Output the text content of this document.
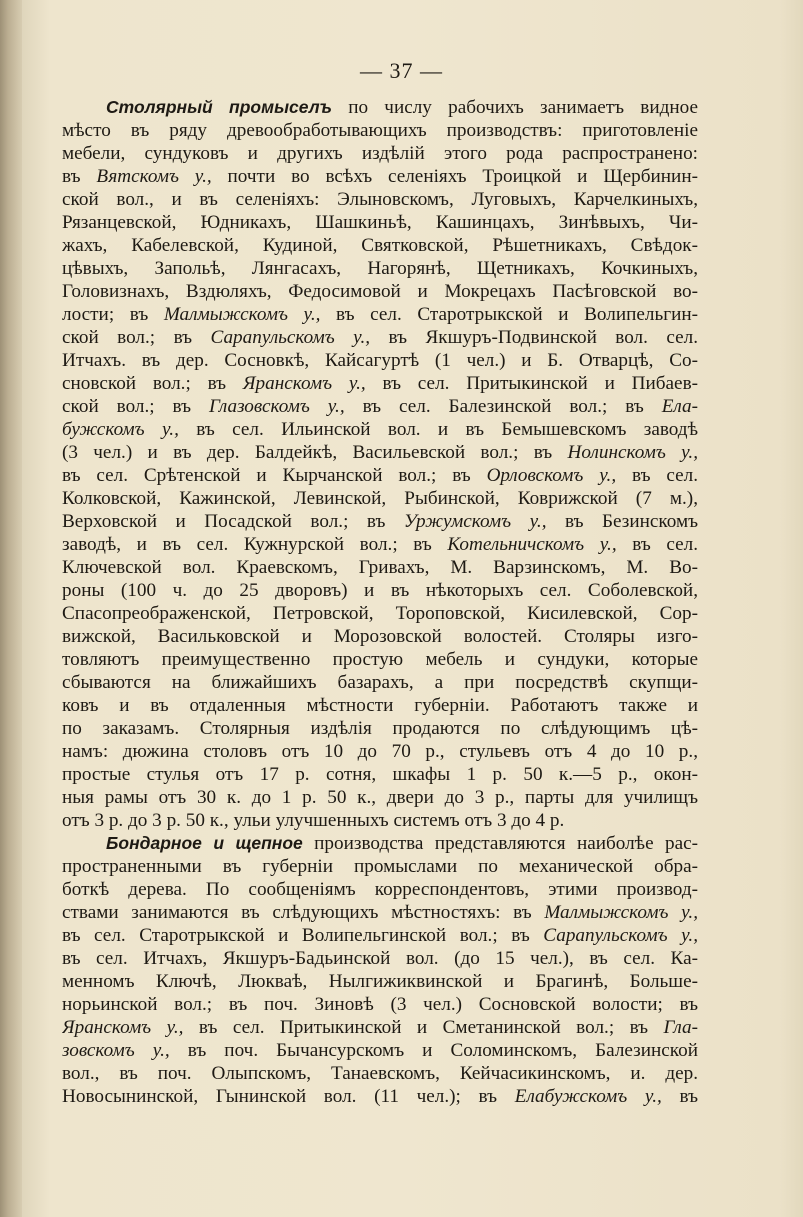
— 37 —
Столярный промыселъ по числу рабочихъ занимаетъ видное
мѣсто въ ряду древообработывающихъ производствъ: приготовленіе
мебели, сундуковъ и другихъ издѣлій этого рода распространено:
въ Вятскомъ у., почти во всѣхъ селеніяхъ Троицкой и Щербинин-
ской вол., и въ селеніяхъ: Элыновскомъ, Луговыхъ, Карчелкиныхъ,
Рязанцевской, Юдникахъ, Шашкиньѣ, Кашинцахъ, Зинѣвыхъ, Чи-
жахъ, Кабелевской, Кудиной, Святковской, Рѣшетникахъ, Свѣдок-
цѣвыхъ, Запольѣ, Лянгасахъ, Нагорянѣ, Щетникахъ, Кочкиныхъ,
Головизнахъ, Вздюляхъ, Федосимовой и Мокрецахъ Пасѣговской во-
лости; въ Малмыжскомъ у., въ сел. Старотрыкской и Волипельгин-
ской вол.; въ Сарапульскомъ у., въ Якшуръ-Подвинской вол. сел.
Итчахъ. въ дер. Сосновкѣ, Кайсагуртѣ (1 чел.) и Б. Отварцѣ, Со-
сновской вол.; въ Яранскомъ у., въ сел. Притыкинской и Пибаев-
ской вол.; въ Глазовскомъ у., въ сел. Балезинской вол.; въ Ела-
бужскомъ у., въ сел. Ильинской вол. и въ Бемышевскомъ заводѣ
(3 чел.) и въ дер. Балдейкѣ, Васильевской вол.; въ Нолинскомъ у.,
въ сел. Срѣтенской и Кырчанской вол.; въ Орловскомъ у., въ сел.
Колковской, Кажинской, Левинской, Рыбинской, Коврижской (7 м.),
Верховской и Посадской вол.; въ Уржумскомъ у., въ Безинскомъ
заводѣ, и въ сел. Кужнурской вол.; въ Котельничскомъ у., въ сел.
Ключевской вол. Краевскомъ, Гривахъ, М. Варзинскомъ, М. Во-
роны (100 ч. до 25 дворовъ) и въ нѣкоторыхъ сел. Соболевской,
Спасопреображенской, Петровской, Тороповской, Кисилевской, Сор-
вижской, Васильковской и Морозовской волостей. Столяры изго-
товляютъ преимущественно простую мебель и сундуки, которые
сбываются на ближайшихъ базарахъ, а при посредствѣ скупщи-
ковъ и въ отдаленныя мѣстности губерніи. Работаютъ также и
по заказамъ. Столярныя издѣлія продаются по слѣдующимъ цѣ-
намъ: дюжина столовъ отъ 10 до 70 р., стульевъ отъ 4 до 10 р.,
простые стулья отъ 17 р. сотня, шкафы 1 р. 50 к.—5 р., окон-
ныя рамы отъ 30 к. до 1 р. 50 к., двери до 3 р., парты для училищъ
отъ 3 р. до 3 р. 50 к., ульи улучшенныхъ системъ отъ 3 до 4 р.
Бондарное и щепное производства представляются наиболѣе рас-
пространенными въ губерніи промыслами по механической обра-
боткѣ дерева. По сообщеніямъ корреспондентовъ, этими производ-
ствами занимаются въ слѣдующихъ мѣстностяхъ: въ Малмыжскомъ у.,
въ сел. Старотрыкской и Волипельгинской вол.; въ Сарапульскомъ у.,
въ сел. Итчахъ, Якшуръ-Бадьинской вол. (до 15 чел.), въ сел. Ка-
менномъ Ключѣ, Люкваѣ, Нылгижиквинской и Брагинѣ, Больше-
норьинской вол.; въ поч. Зиновѣ (3 чел.) Сосновской волости; въ
Яранскомъ у., въ сел. Притыкинской и Сметанинской вол.; въ Гла-
зовскомъ у., въ поч. Бычансурскомъ и Соломинскомъ, Балезинской
вол., въ поч. Олыпскомъ, Танаевскомъ, Кейчасикинскомъ, и. дер.
Новосынинской, Гынинской вол. (11 чел.); въ Елабужскомъ у., въ
